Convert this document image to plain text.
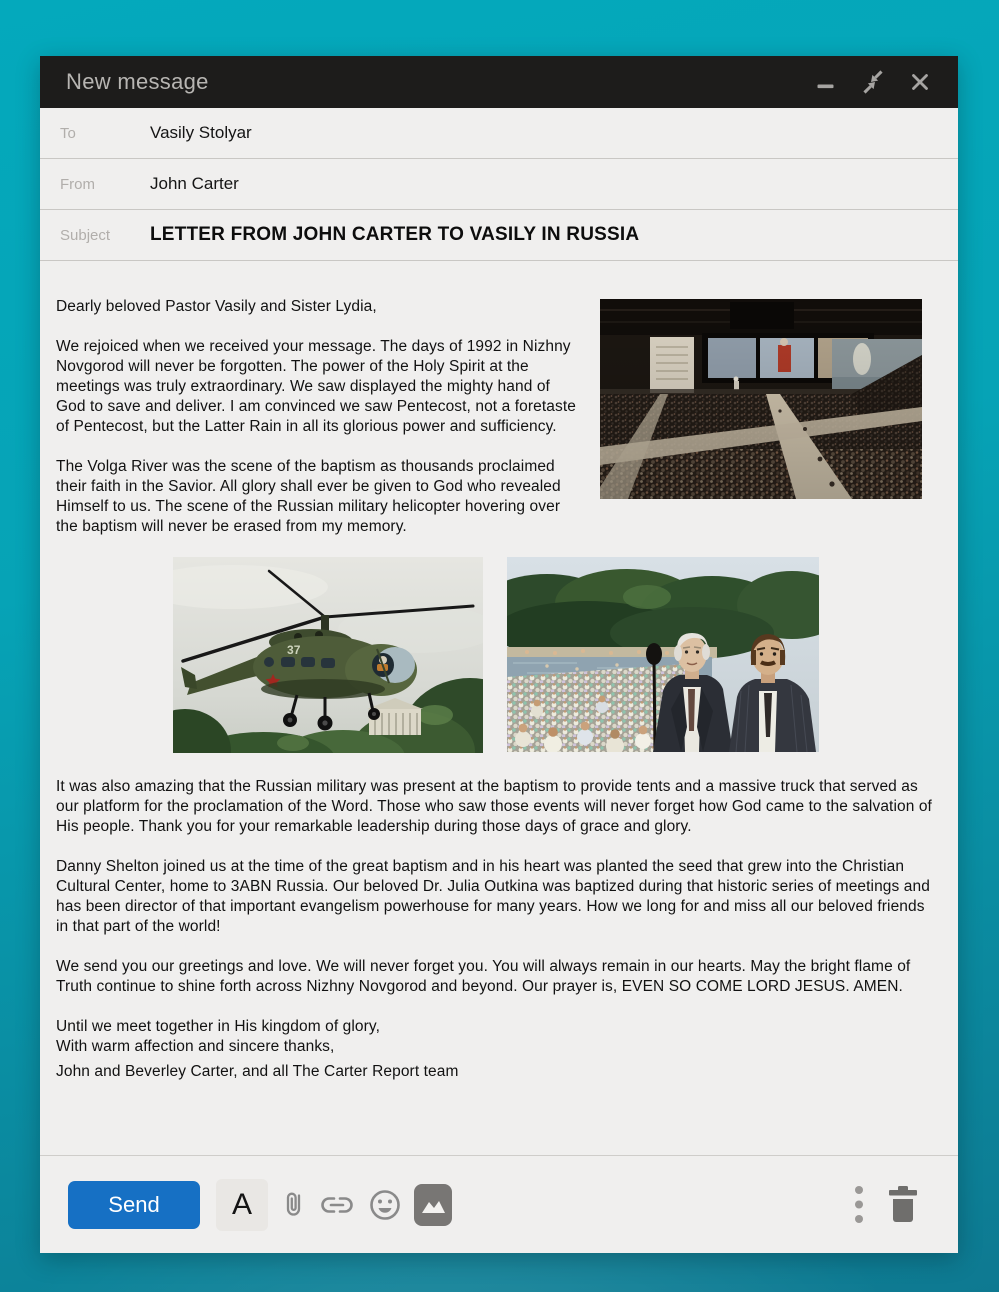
New message
To	Vasily Stolyar
From	John Carter
Subject	LETTER FROM JOHN CARTER TO VASILY IN RUSSIA

Dearly beloved Pastor Vasily and Sister Lydia,

We rejoiced when we received your message. The days of 1992 in Nizhny Novgorod will never be forgotten. The power of the Holy Spirit at the meetings was truly extraordinary. We saw displayed the mighty hand of God to save and deliver. I am convinced we saw Pentecost, not a foretaste of Pentecost, but the Latter Rain in all its glorious power and sufficiency.

The Volga River was the scene of the baptism as thousands proclaimed their faith in the Savior. All glory shall ever be given to God who revealed Himself to us. The scene of the Russian military helicopter hovering over the baptism will never be erased from my memory.

37

It was also amazing that the Russian military was present at the baptism to provide tents and a massive truck that served as our platform for the proclamation of the Word. Those who saw those events will never forget how God came to the salvation of His people. Thank you for your remarkable leadership during those days of grace and glory.

Danny Shelton joined us at the time of the great baptism and in his heart was planted the seed that grew into the Christian Cultural Center, home to 3ABN Russia. Our beloved Dr. Julia Outkina was baptized during that historic series of meetings and has been director of that important evangelism powerhouse for many years. How we long for and miss all our beloved friends in that part of the world!

We send you our greetings and love. We will never forget you. You will always remain in our hearts. May the bright flame of Truth continue to shine forth across Nizhny Novgorod and beyond. Our prayer is, EVEN SO COME LORD JESUS. AMEN.

Until we meet together in His kingdom of glory,
With warm affection and sincere thanks,

John and Beverley Carter, and all The Carter Report team

Send	A
